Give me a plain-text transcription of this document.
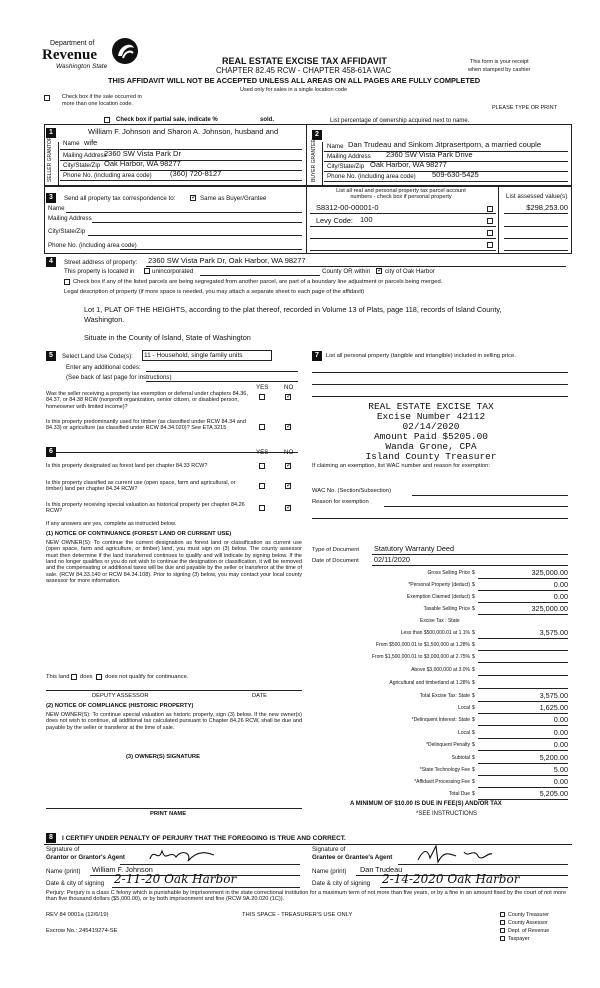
Department of
Revenue
Washington State
REAL ESTATE EXCISE TAX AFFIDAVIT
CHAPTER 82.45 RCW - CHAPTER 458-61A WAC
THIS AFFIDAVIT WILL NOT BE ACCEPTED UNLESS ALL AREAS ON ALL PAGES ARE FULLY COMPLETED
Used only for sales in a single location code
This form is your receipt
when stamped by cashier
Check box if the sale occurred in
more than one location code.
PLEASE TYPE OR PRINT
Check box if partial sale, indicate %	sold.	List percentage of ownership acquired next to name.
1	2
SELLER GRANTOR	BUYER GRANTEE
William F. Johnson and Sharon A. Johnson, husband and
Name wife
Mailing Address
2360 SW Vista Park Dr
City/State/Zip Oak Harbor, WA 98277
Phone No. (including area code) (360) 720-8127
Name Dan Trudeau and Sinkom Jitprasertporn, a married couple
Mailing Address 2360 SW Vista Park Drive
City/State/Zip Oak Harbor, WA 98277
Phone No. (including area code) 509-630-5425
3	Send all property tax correspondence to: ✓	Same as Buyer/Grantee
Name
Mailing Address
City/State/Zip
Phone No. (including area code)
List all real and personal property tax parcel account numbers - check box if personal property	List assessed value(s)
S8312-00-00001-0	$298,253.00
Levy Code: 100
4	Street address of property: 2360 SW Vista Park Dr, Oak Harbor, WA 98277
This property is located in	unincorporated	County OR within ✓ city of Oak Harbor
Check box if any of the listed parcels are being segregated from another parcel, are part of a boundary line adjustment or parcels being merged.
Legal description of property (if more space is needed, you may attach a separate sheet to each page of the affidavit)
Lot 1, PLAT OF THE HEIGHTS, according to the plat thereof, recorded in Volume 13 of Plats, page 118, records of Island County,
Washington.
Situate in the County of Island, State of Washington
5	Select Land Use Code(s): 11 - Household, single family units
Enter any additional codes:
(See back of last page for instructions)
YES	NO
Was the seller receiving a property tax exemption or deferral under chapters 84.36, 84.37, or 84.38 RCW (nonprofit organization, senior citizen, or disabled person, homeowner with limited income)?
✓
Is this property predominantly used for timber (as classified under RCW 84.34 and 84.33) or agriculture (as classified under RCW 84.34.020)? See ETA 3215
✓
6	YES	NO
Is this property designated as forest land per chapter 84.33 RCW?
✓
Is this property classified as current use (open space, farm and agricultural, or timber) land per chapter 84.34 RCW?
✓
Is this property receiving special valuation as historical property per chapter 84.26 RCW?
✓
If any answers are yes, complete as instructed below.
(1) NOTICE OF CONTINUANCE (FOREST LAND OR CURRENT USE)
NEW OWNER(S): To continue the current designation as forest land or classification as current use (open space, farm and agriculture, or timber) land, you must sign on (3) below. The county assessor must then determine if the land transferred continues to qualify and will indicate by signing below. If the land no longer qualifies or you do not wish to continue the designation or classification, it will be removed and the compensating or additional taxes will be due and payable by the seller or transferor at the time of sale. (RCW 84.33.140 or RCW 84.34.108). Prior to signing (3) below, you may contact your local county assessor for more information.
This land does does not qualify for continuance.
DEPUTY ASSESSOR	DATE
(2) NOTICE OF COMPLIANCE (HISTORIC PROPERTY)
NEW OWNER(S): To continue special valuation as historic property, sign (3) below. If the new owner(s) does not wish to continue, all additional tax calculated pursuant to Chapter 84.26 RCW, shall be due and payable by the seller or transferor at the time of sale.
(3) OWNER(S) SIGNATURE
PRINT NAME
7	List all personal property (tangible and intangible) included in selling price.
REAL ESTATE EXCISE TAX
Excise Number 42112
02/14/2020
Amount Paid $5205.00
Wanda Grone, CPA
Island County Treasurer
If claiming an exemption, list WAC number and reason for exemption:
WAC No. (Section/Subsection)
Reason for exemption
Type of Document Statutory Warranty Deed
Date of Document 02/11/2020
Gross Selling Price $	325,000.00
*Personal Property (deduct) $	0.00
Exemption Claimed (deduct) $	0.00
Taxable Selling Price $	325,000.00
Excise Tax : State
Less than $500,000.01 at 1.1% $	3,575.00
From $500,000.01 to $1,500,000 at 1.28% $
From $1,500,000.01 to $3,000,000 at 2.75% $
Above $3,000,000 at 3.0% $
Agricultural and timberland at 1.28% $
Total Excise Tax: State $	3,575.00
Local $	1,625.00
*Delinquent Interest: State $	0.00
Local $	0.00
*Delinquent Penalty $	0.00
Subtotal $	5,200.00
*State Technology Fee $	5.00
*Affidavit Processing Fee $	0.00
Total Due $	5,205.00
A MINIMUM OF $10.00 IS DUE IN FEE(S) AND/OR TAX
*SEE INSTRUCTIONS
8	I CERTIFY UNDER PENALTY OF PERJURY THAT THE FOREGOING IS TRUE AND CORRECT.
Signature of
Grantor or Grantor's Agent
Signature of
Grantee or Grantee's Agent
Name (print) William F. Johnson	Name (print) Dan Trudeau
Date & city of signing 2-11-20 Oak Harbor	Date & city of signing 2-14-2020 Oak Harbor
Perjury: Perjury is a class C felony which is punishable by imprisonment in the state correctional institution for a maximum term of not more than five years, or by a fine in an amount fixed by the court of not more than five thousand dollars ($5,000.00), or by both imprisonment and fine (RCW 9A.20.020 (1C)).
REV 84 0001a (12/6/19)	THIS SPACE - TREASURER'S USE ONLY
Escrow No.: 245419274-SE
County Treasurer
County Assessor
Dept. of Revenue
Taxpayer
